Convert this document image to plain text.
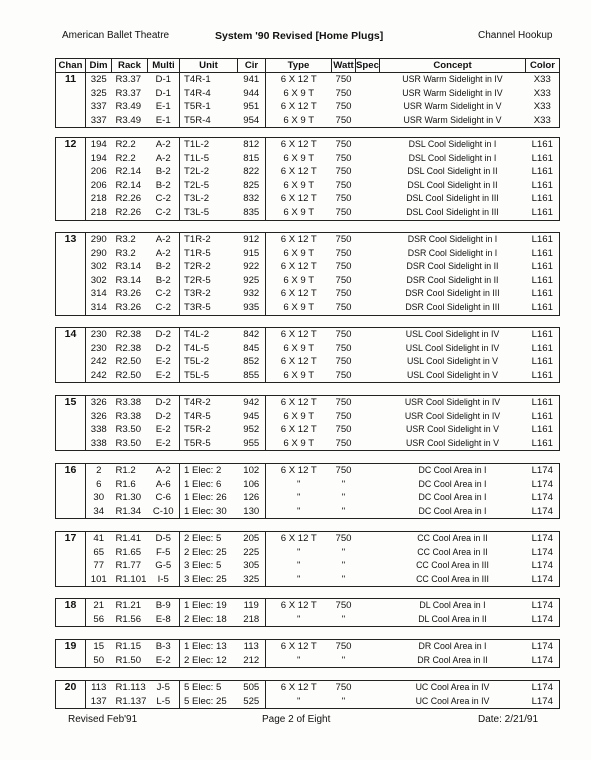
American Ballet Theatre	System '90 Revised [Home Plugs]	Channel Hookup
Chan	Dim	Rack	Multi	Unit	Cir	Type	Watt	Spec	Concept	Color
11	325	R3.37	D-1	T4R-1	941	6 X 12 T	750		USR Warm Sidelight in IV	X33
	325	R3.37	D-1	T4R-4	944	6 X 9 T	750		USR Warm Sidelight in IV	X33
	337	R3.49	E-1	T5R-1	951	6 X 12 T	750		USR Warm Sidelight in V	X33
	337	R3.49	E-1	T5R-4	954	6 X 9 T	750		USR Warm Sidelight in V	X33
12	194	R2.2	A-2	T1L-2	812	6 X 12 T	750		DSL Cool Sidelight in I	L161
	194	R2.2	A-2	T1L-5	815	6 X 9 T	750		DSL Cool Sidelight in I	L161
	206	R2.14	B-2	T2L-2	822	6 X 12 T	750		DSL Cool Sidelight in II	L161
	206	R2.14	B-2	T2L-5	825	6 X 9 T	750		DSL Cool Sidelight in II	L161
	218	R2.26	C-2	T3L-2	832	6 X 12 T	750		DSL Cool Sidelight in III	L161
	218	R2.26	C-2	T3L-5	835	6 X 9 T	750		DSL Cool Sidelight in III	L161
13	290	R3.2	A-2	T1R-2	912	6 X 12 T	750		DSR Cool Sidelight in I	L161
	290	R3.2	A-2	T1R-5	915	6 X 9 T	750		DSR Cool Sidelight in I	L161
	302	R3.14	B-2	T2R-2	922	6 X 12 T	750		DSR Cool Sidelight in II	L161
	302	R3.14	B-2	T2R-5	925	6 X 9 T	750		DSR Cool Sidelight in II	L161
	314	R3.26	C-2	T3R-2	932	6 X 12 T	750		DSR Cool Sidelight in III	L161
	314	R3.26	C-2	T3R-5	935	6 X 9 T	750		DSR Cool Sidelight in III	L161
14	230	R2.38	D-2	T4L-2	842	6 X 12 T	750		USL Cool Sidelight in IV	L161
	230	R2.38	D-2	T4L-5	845	6 X 9 T	750		USL Cool Sidelight in IV	L161
	242	R2.50	E-2	T5L-2	852	6 X 12 T	750		USL Cool Sidelight in V	L161
	242	R2.50	E-2	T5L-5	855	6 X 9 T	750		USL Cool Sidelight in V	L161
15	326	R3.38	D-2	T4R-2	942	6 X 12 T	750		USR Cool Sidelight in IV	L161
	326	R3.38	D-2	T4R-5	945	6 X 9 T	750		USR Cool Sidelight in IV	L161
	338	R3.50	E-2	T5R-2	952	6 X 12 T	750		USR Cool Sidelight in V	L161
	338	R3.50	E-2	T5R-5	955	6 X 9 T	750		USR Cool Sidelight in V	L161
16	2	R1.2	A-2	1 Elec: 2	102	6 X 12 T	750		DC Cool Area in I	L174
	6	R1.6	A-6	1 Elec: 6	106	"	"		DC Cool Area in I	L174
	30	R1.30	C-6	1 Elec: 26	126	"	"		DC Cool Area in I	L174
	34	R1.34	C-10	1 Elec: 30	130	"	"		DC Cool Area in I	L174
17	41	R1.41	D-5	2 Elec: 5	205	6 X 12 T	750		CC Cool Area in II	L174
	65	R1.65	F-5	2 Elec: 25	225	"	"		CC Cool Area in II	L174
	77	R1.77	G-5	3 Elec: 5	305	"	"		CC Cool Area in III	L174
	101	R1.101	I-5	3 Elec: 25	325	"	"		CC Cool Area in III	L174
18	21	R1.21	B-9	1 Elec: 19	119	6 X 12 T	750		DL Cool Area in I	L174
	56	R1.56	E-8	2 Elec: 18	218	"	"		DL Cool Area in II	L174
19	15	R1.15	B-3	1 Elec: 13	113	6 X 12 T	750		DR Cool Area in I	L174
	50	R1.50	E-2	2 Elec: 12	212	"	"		DR Cool Area in II	L174
20	113	R1.113	J-5	5 Elec: 5	505	6 X 12 T	750		UC Cool Area in IV	L174
	137	R1.137	L-5	5 Elec: 25	525	"	"		UC Cool Area in IV	L174
Revised Feb'91	Page 2 of Eight	Date: 2/21/91
